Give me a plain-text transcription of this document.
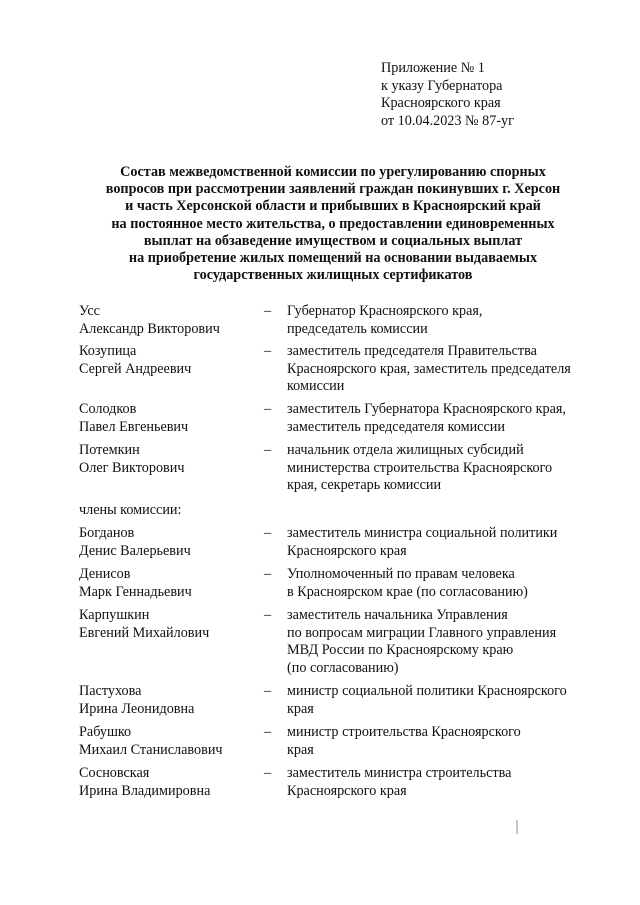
Приложение № 1
к указу Губернатора
Красноярского края
от 10.04.2023 № 87-уг
Состав межведомственной комиссии по урегулированию спорных
вопросов при рассмотрении заявлений граждан покинувших г. Херсон
и часть Херсонской области и прибывших в Красноярский край
на постоянное место жительства, о предоставлении единовременных
выплат на обзаведение имуществом и социальных выплат
на приобретение жилых помещений на основании выдаваемых
государственных жилищных сертификатов
Усс
Александр Викторович
–	Губернатор Красноярского края,
председатель комиссии
Козупица
Сергей Андреевич
–	заместитель председателя Правительства
Красноярского края, заместитель председателя
комиссии
Солодков
Павел Евгеньевич
–	заместитель Губернатора Красноярского края,
заместитель председателя комиссии
Потемкин
Олег Викторович
–	начальник отдела жилищных субсидий
министерства строительства Красноярского
края, секретарь комиссии
члены комиссии:
Богданов
Денис Валерьевич
–	заместитель министра социальной политики
Красноярского края
Денисов
Марк Геннадьевич
–	Уполномоченный по правам человека
в Красноярском крае (по согласованию)
Карпушкин
Евгений Михайлович
–	заместитель начальника Управления
по вопросам миграции Главного управления
МВД России по Красноярскому краю
(по согласованию)
Пастухова
Ирина Леонидовна
–	министр социальной политики Красноярского
края
Рабушко
Михаил Станиславович
–	министр строительства Красноярского
края
Сосновская
Ирина Владимировна
–	заместитель министра строительства
Красноярского края
